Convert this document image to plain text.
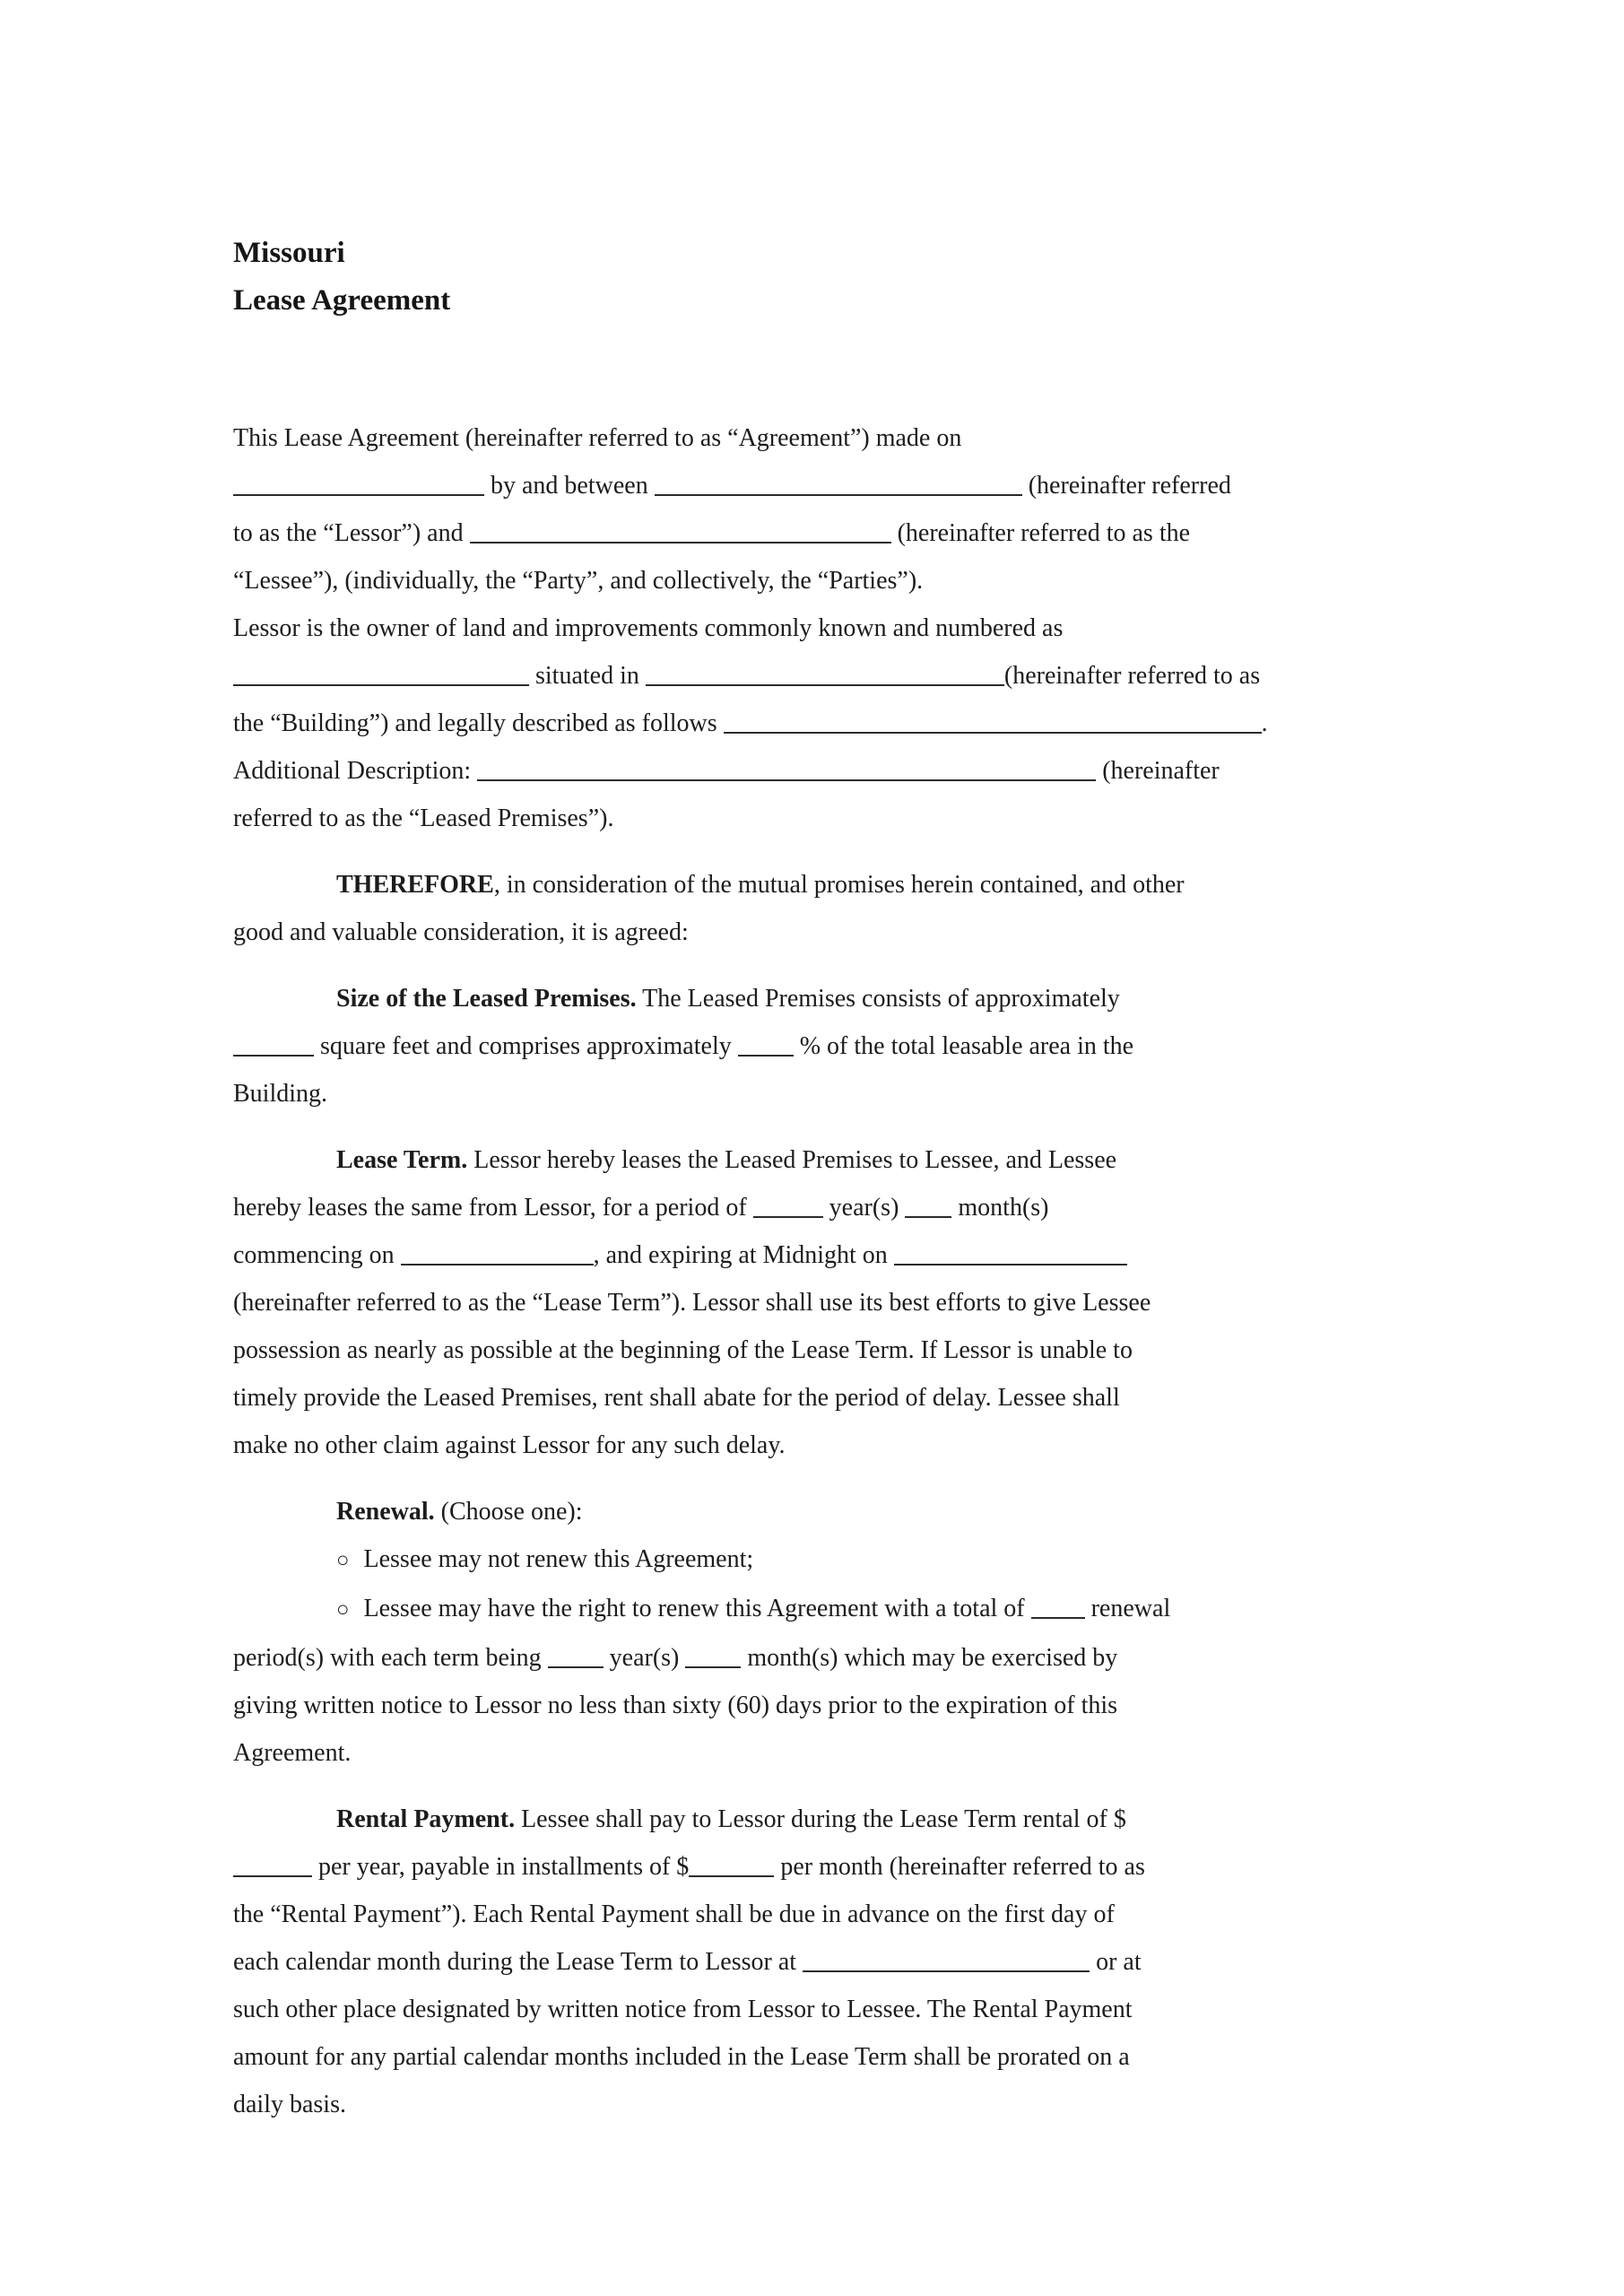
Missouri
Lease Agreement

This Lease Agreement (hereinafter referred to as “Agreement”) made on
by and between	(hereinafter referred
to as the “Lessor”) and	(hereinafter referred to as the
“Lessee”), (individually, the “Party”, and collectively, the “Parties”).
Lessor is the owner of land and improvements commonly known and numbered as
situated in	(hereinafter referred to as
the “Building”) and legally described as follows	.
Additional Description:	(hereinafter
referred to as the “Leased Premises”).

THEREFORE, in consideration of the mutual promises herein contained, and other
good and valuable consideration, it is agreed:

Size of the Leased Premises. The Leased Premises consists of approximately
square feet and comprises approximately  % of the total leasable area in the
Building.

Lease Term. Lessor hereby leases the Leased Premises to Lessee, and Lessee
hereby leases the same from Lessor, for a period of	year(s)  month(s)
commencing on	, and expiring at Midnight on
(hereinafter referred to as the “Lease Term”). Lessor shall use its best efforts to give Lessee
possession as nearly as possible at the beginning of the Lease Term. If Lessor is unable to
timely provide the Leased Premises, rent shall abate for the period of delay. Lessee shall
make no other claim against Lessor for any such delay.

Renewal. (Choose one):

○ Lessee may not renew this Agreement;

○ Lessee may have the right to renew this Agreement with a total of  renewal
period(s) with each term being  year(s)  month(s) which may be exercised by
giving written notice to Lessor no less than sixty (60) days prior to the expiration of this
Agreement.

Rental Payment. Lessee shall pay to Lessor during the Lease Term rental of $
per year, payable in installments of $	per month (hereinafter referred to as
the “Rental Payment”). Each Rental Payment shall be due in advance on the first day of
each calendar month during the Lease Term to Lessor at	or at
such other place designated by written notice from Lessor to Lessee. The Rental Payment
amount for any partial calendar months included in the Lease Term shall be prorated on a
daily basis.
